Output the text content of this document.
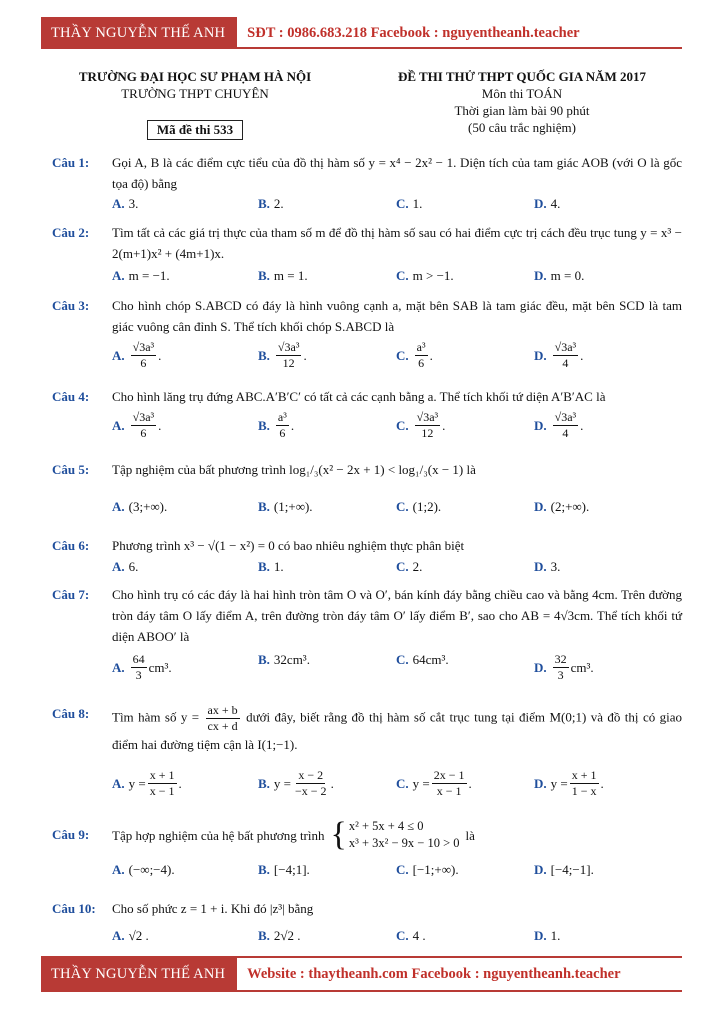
THẦY NGUYỄN THẾ ANH	SĐT : 0986.683.218 Facebook : nguyentheanh.teacher
TRƯỜNG ĐẠI HỌC SƯ PHẠM HÀ NỘI
TRƯỜNG THPT CHUYÊN
Mã đề thi 533
ĐỀ THI THỬ THPT QUỐC GIA NĂM 2017
Môn thi TOÁN
Thời gian làm bài 90 phút
(50 câu trắc nghiệm)
Câu 1: Gọi A, B là các điểm cực tiểu của đồ thị hàm số y = x⁴ − 2x² − 1. Diện tích của tam giác AOB (với O là gốc tọa độ) bằng
A. 3.	B. 2.	C. 1.	D. 4.
Câu 2: Tìm tất cả các giá trị thực của tham số m để đồ thị hàm số sau có hai điểm cực trị cách đều trục tung y = x³ − 2(m+1)x² + (4m+1)x.
A. m = −1.	B. m = 1.	C. m > −1.	D. m = 0.
Câu 3: Cho hình chóp S.ABCD có đáy là hình vuông cạnh a, mặt bên SAB là tam giác đều, mặt bên SCD là tam giác vuông cân đỉnh S. Thể tích khối chóp S.ABCD là
A. $\frac{\text{√3a³}}{6}$ .	B. $\frac{\text{√3a³}}{12}$ .	C. $\frac{\text{a³}}{6}$ .	D. $\frac{\text{√3a³}}{4}$ .
Câu 4: Cho hình lăng trụ đứng ABC.A′B′C′ có tất cả các cạnh bằng a. Thể tích khối tứ diện A′B′AC là
A. $\frac{\text{√3a³}}{6}$ .	B. $\frac{\text{a³}}{6}$ .	C. $\frac{\text{√3a³}}{12}$ .	D. $\frac{\text{√3a³}}{4}$ .
Câu 5: Tập nghiệm của bất phương trình log₁/₃(x² − 2x + 1) < log₁/₃(x − 1) là
A. (3;+∞).	B. (1;+∞).	C. (1;2).	D. (2;+∞).
Câu 6: Phương trình x³ − √(1 − x²) = 0 có bao nhiêu nghiệm thực phân biệt
A. 6.	B. 1.	C. 2.	D. 3.
Câu 7: Cho hình trụ có các đáy là hai hình tròn tâm O và O′, bán kính đáy bằng chiều cao và bằng 4cm. Trên đường tròn đáy tâm O lấy điểm A, trên đường tròn đáy tâm O′ lấy điểm B′, sao cho AB = 4√3cm. Thể tích khối tứ diện ABOO′ là
A. $\frac{64}{3} cm^3$.	B. 32cm³.	C. 64cm³.	D. $\frac{32}{3} cm^3$.
Câu 8: Tìm hàm số $y = \frac{ax + b}{cx + d}$ dưới đây, biết rằng đồ thị hàm số cắt trục tung tại điểm M(0;1) và đồ thị có giao điểm hai đường tiệm cận là I(1;−1).
A. $y = \frac{x + 1}{x - 1}$ .	B. $y = \frac{x - 2}{-x - 2}$ .	C. $y = \frac{2x - 1}{x - 1}$ .	D. $y = \frac{x + 1}{1 - x}$ .
Câu 9: Tập hợp nghiệm của hệ bất phương trình { x² + 5x + 4 ≤ 0
x³ + 3x² − 9x − 10 > 0
là
A. (−∞;−4).	B. [−4;1].	C. [−1;+∞).	D. [−4;−1].
Câu 10: Cho số phức z = 1 + i. Khi đó |z³| bằng
A. √2 .	B. 2√2 .	C. 4 .	D. 1.
THẦY NGUYỄN THẾ ANH	Website : thaytheanh.com Facebook : nguyentheanh.teacher
